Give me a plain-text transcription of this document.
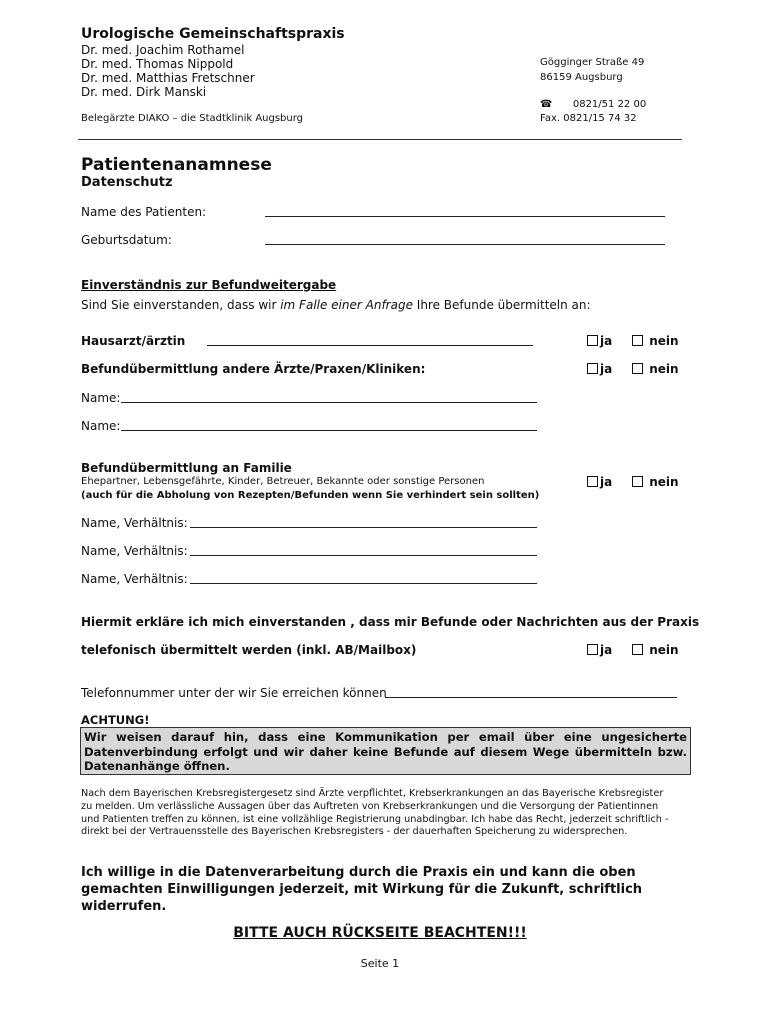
Urologische Gemeinschaftspraxis
Dr. med. Joachim Rothamel
Dr. med. Thomas Nippold
Dr. med. Matthias Fretschner
Dr. med. Dirk Manski
Belegärzte DIAKO – die Stadtklinik Augsburg
Gögginger Straße 49
86159 Augsburg
☎ 0821/51 22 00
Fax. 0821/15 74 32
Patientenanamnese
Datenschutz
Name des Patienten:
Geburtsdatum:
Einverständnis zur Befundweitergabe
Sind Sie einverstanden, dass wir im Falle einer Anfrage Ihre Befunde übermitteln an:
Hausarzt/ärztin	ja	nein
Befundübermittlung andere Ärzte/Praxen/Kliniken:	ja	nein
Name:
Name:
Befundübermittlung an Familie
Ehepartner, Lebensgefährte, Kinder, Betreuer, Bekannte oder sonstige Personen
(auch für die Abholung von Rezepten/Befunden wenn Sie verhindert sein sollten)
ja	nein
Name, Verhältnis:
Name, Verhältnis:
Name, Verhältnis:
Hiermit erkläre ich mich einverstanden , dass mir Befunde oder Nachrichten aus der Praxis
telefonisch übermittelt werden (inkl. AB/Mailbox)	ja	nein
Telefonnummer unter der wir Sie erreichen können
ACHTUNG!
Wir weisen darauf hin, dass eine Kommunikation per email über eine ungesicherte Datenverbindung erfolgt und wir daher keine Befunde auf diesem Wege übermitteln bzw. Datenanhänge öffnen.
Nach dem Bayerischen Krebsregistergesetz sind Ärzte verpflichtet, Krebserkrankungen an das Bayerische Krebsregister zu melden. Um verlässliche Aussagen über das Auftreten von Krebserkrankungen und die Versorgung der Patientinnen und Patienten treffen zu können, ist eine vollzählige Registrierung unabdingbar. Ich habe das Recht, jederzeit schriftlich - direkt bei der Vertrauensstelle des Bayerischen Krebsregisters - der dauerhaften Speicherung zu widersprechen.
Ich willige in die Datenverarbeitung durch die Praxis ein und kann die oben gemachten Einwilligungen jederzeit, mit Wirkung für die Zukunft, schriftlich widerrufen.
BITTE AUCH RÜCKSEITE BEACHTEN!!!
Seite 1
